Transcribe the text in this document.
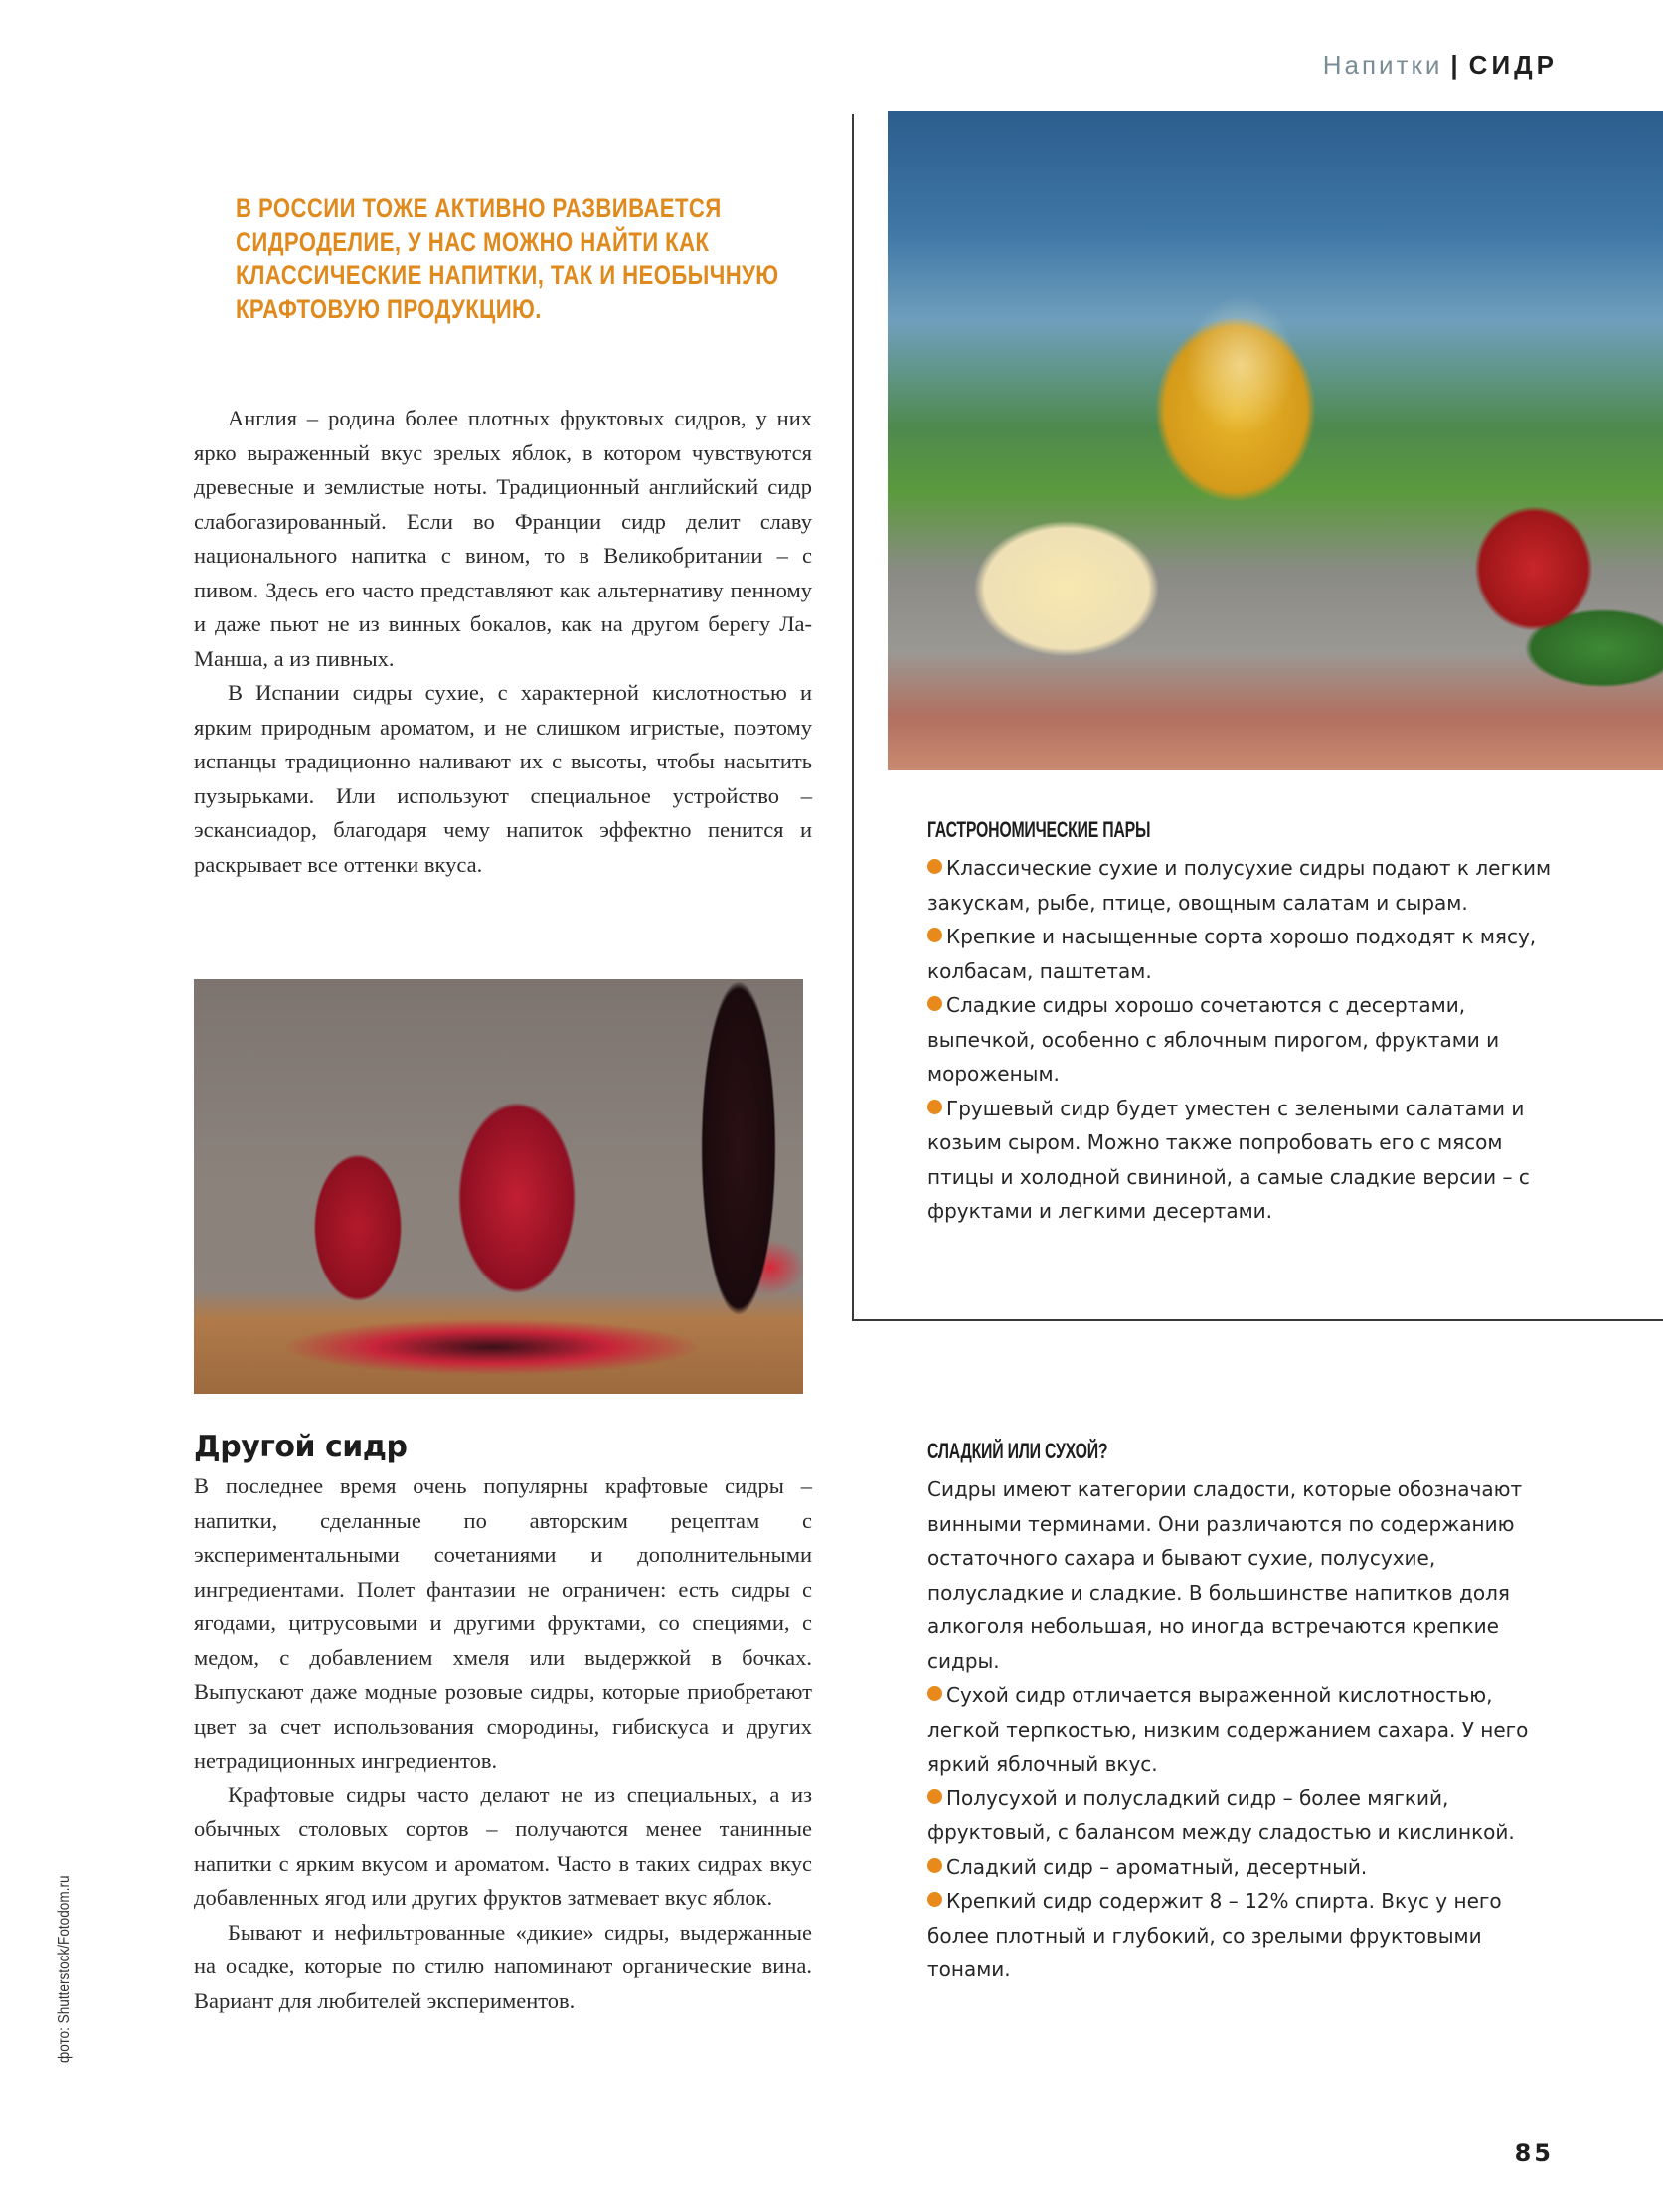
Напитки | СИДР
В РОССИИ ТОЖЕ АКТИВНО РАЗВИВАЕТСЯ СИДРОДЕЛИЕ, У НАС МОЖНО НАЙТИ КАК КЛАССИЧЕСКИЕ НАПИТКИ, ТАК И НЕОБЫЧНУЮ КРАФТОВУЮ ПРОДУКЦИЮ.

Англия – родина более плотных фруктовых сидров, у них ярко выраженный вкус зрелых яблок, в котором чувствуются древесные и землистые ноты. Традиционный английский сидр слабогазированный. Если во Франции сидр делит славу национального напитка с вином, то в Великобритании – с пивом. Здесь его часто представляют как альтернативу пенному и даже пьют не из винных бокалов, как на другом берегу Ла-Манша, а из пивных.

В Испании сидры сухие, с характерной кислотностью и ярким природным ароматом, и не слишком игристые, поэтому испанцы традиционно наливают их с высоты, чтобы насытить пузырьками. Или используют специальное устройство – эскансиадор, благодаря чему напиток эффектно пенится и раскрывает все оттенки вкуса.

ГАСТРОНОМИЧЕСКИЕ ПАРЫ

Классические сухие и полусухие сидры подают к легким закускам, рыбе, птице, овощным салатам и сырам.

Крепкие и насыщенные сорта хорошо подходят к мясу, колбасам, паштетам.

Сладкие сидры хорошо сочетаются с десертами, выпечкой, особенно с яблочным пирогом, фруктами и мороженым.

Грушевый сидр будет уместен с зелеными салатами и козьим сыром. Можно также попробовать его с мясом птицы и холодной свининой, а самые сладкие версии – с фруктами и легкими десертами.

Другой сидр

В последнее время очень популярны крафтовые сидры – напитки, сделанные по авторским рецептам с экспериментальными сочетаниями и дополнительными ингредиентами. Полет фантазии не ограничен: есть сидры с ягодами, цитрусовыми и другими фруктами, со специями, с медом, с добавлением хмеля или выдержкой в бочках. Выпускают даже модные розовые сидры, которые приобретают цвет за счет использования смородины, гибискуса и других нетрадиционных ингредиентов.

Крафтовые сидры часто делают не из специальных, а из обычных столовых сортов – получаются менее танинные напитки с ярким вкусом и ароматом. Часто в таких сидрах вкус добавленных ягод или других фруктов затмевает вкус яблок.

Бывают и нефильтрованные «дикие» сидры, выдержанные на осадке, которые по стилю напоминают органические вина. Вариант для любителей экспериментов.

СЛАДКИЙ ИЛИ СУХОЙ?

Сидры имеют категории сладости, которые обозначают винными терминами. Они различаются по содержанию остаточного сахара и бывают сухие, полусухие, полусладкие и сладкие. В большинстве напитков доля алкоголя небольшая, но иногда встречаются крепкие сидры.

Сухой сидр отличается выраженной кислотностью, легкой терпкостью, низким содержанием сахара. У него яркий яблочный вкус.

Полусухой и полусладкий сидр – более мягкий, фруктовый, с балансом между сладостью и кислинкой.

Сладкий сидр – ароматный, десертный.

Крепкий сидр содержит 8 – 12% спирта. Вкус у него более плотный и глубокий, со зрелыми фруктовыми тонами.

фото: Shutterstock/Fotodom.ru
85
